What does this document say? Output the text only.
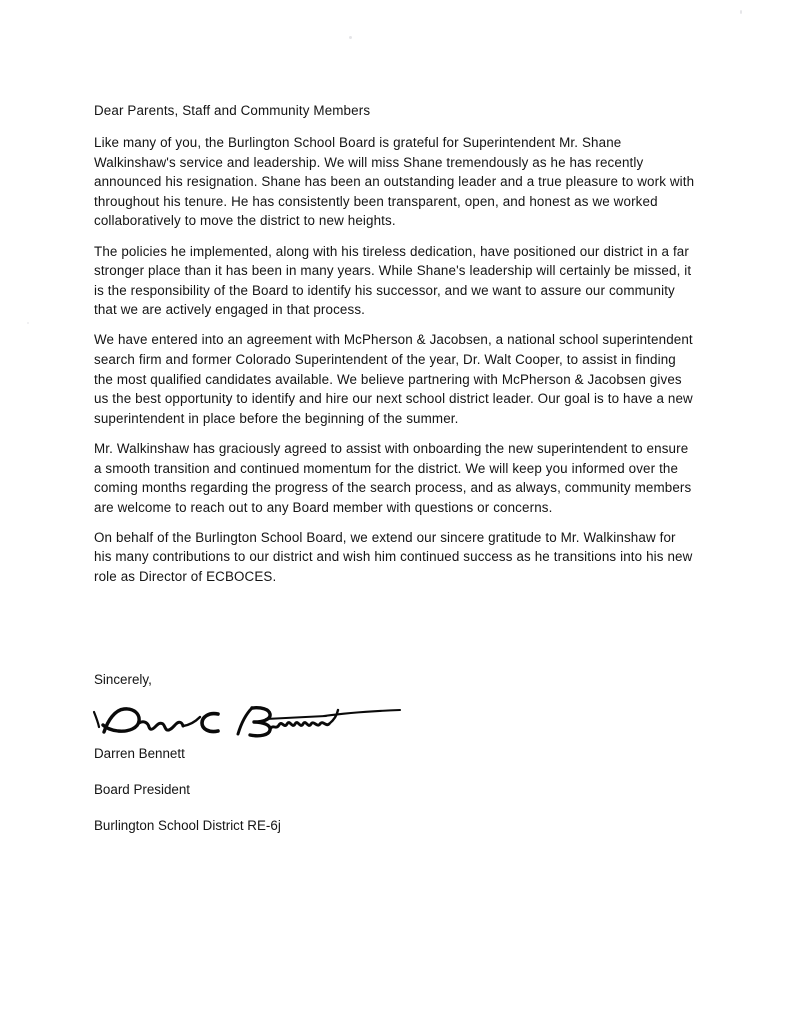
Dear Parents, Staff and Community Members

Like many of you, the Burlington School Board is grateful for Superintendent Mr. Shane Walkinshaw's service and leadership. We will miss Shane tremendously as he has recently announced his resignation. Shane has been an outstanding leader and a true pleasure to work with throughout his tenure. He has consistently been transparent, open, and honest as we worked collaboratively to move the district to new heights.

The policies he implemented, along with his tireless dedication, have positioned our district in a far stronger place than it has been in many years. While Shane's leadership will certainly be missed, it is the responsibility of the Board to identify his successor, and we want to assure our community that we are actively engaged in that process.

We have entered into an agreement with McPherson & Jacobsen, a national school superintendent search firm and former Colorado Superintendent of the year, Dr. Walt Cooper, to assist in finding the most qualified candidates available. We believe partnering with McPherson & Jacobsen gives us the best opportunity to identify and hire our next school district leader. Our goal is to have a new superintendent in place before the beginning of the summer.

Mr. Walkinshaw has graciously agreed to assist with onboarding the new superintendent to ensure a smooth transition and continued momentum for the district. We will keep you informed over the coming months regarding the progress of the search process, and as always, community members are welcome to reach out to any Board member with questions or concerns.

On behalf of the Burlington School Board, we extend our sincere gratitude to Mr. Walkinshaw for his many contributions to our district and wish him continued success as he transitions into his new role as Director of ECBOCES.

Sincerely,

Darren Bennett

Board President

Burlington School District RE-6j
